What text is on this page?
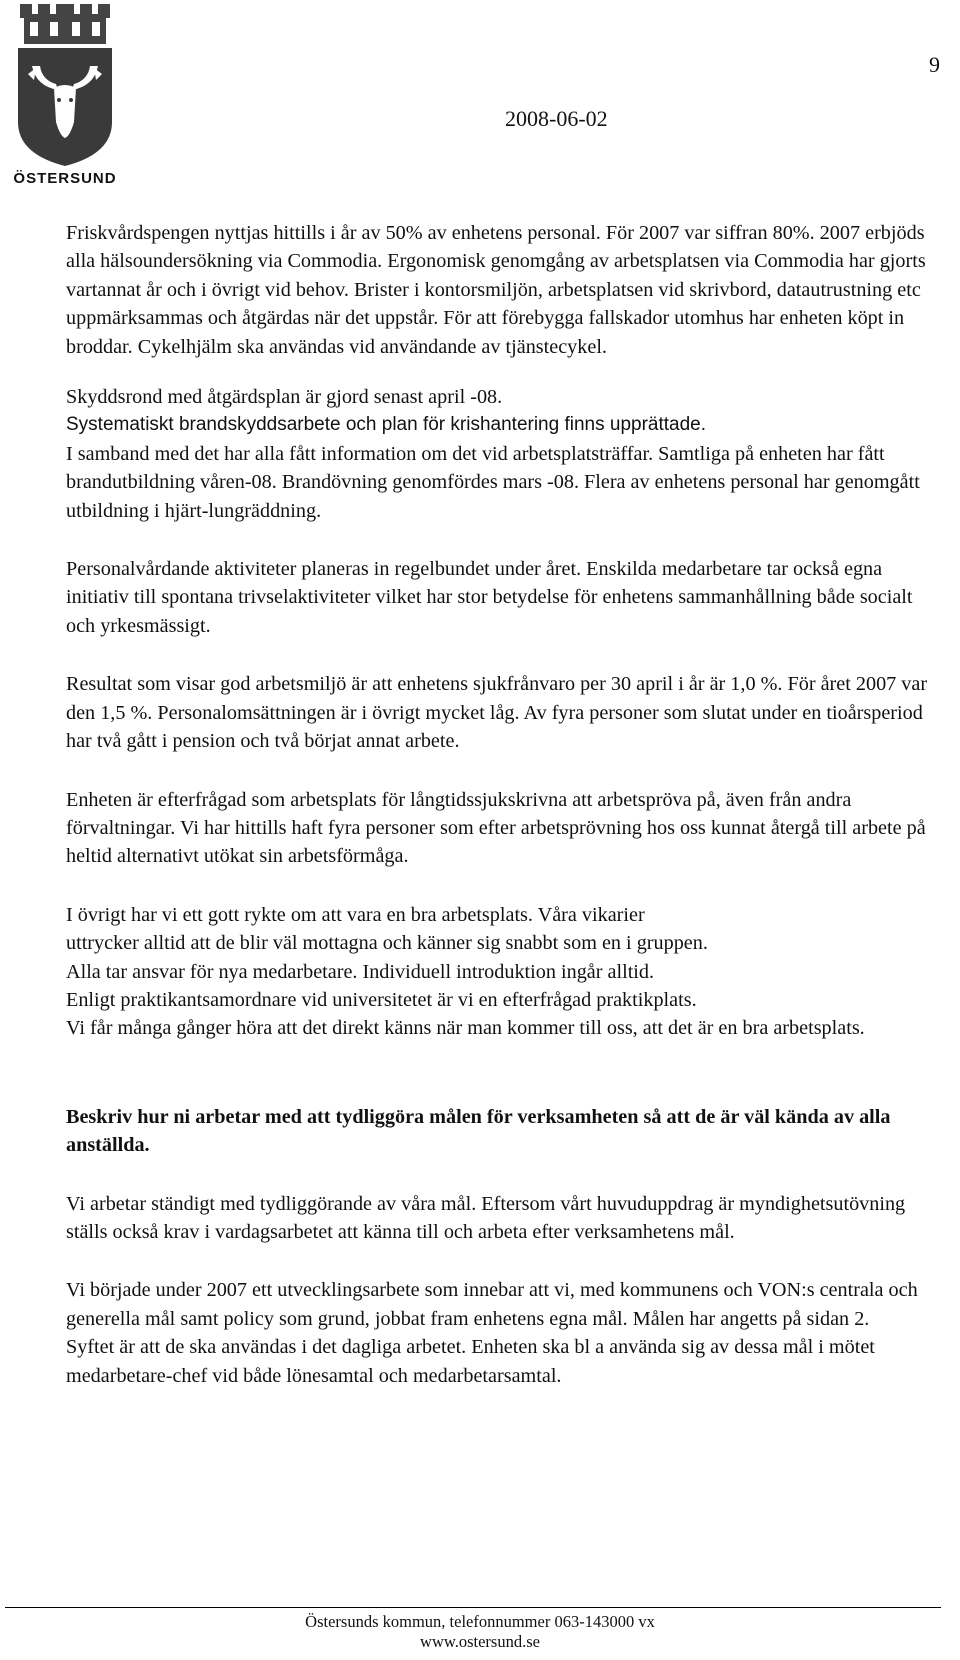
ÖSTERSUND
9
2008-06-02

Friskvårdspengen nyttjas hittills i år av 50% av enhetens personal. För 2007 var siffran 80%. 2007 erbjöds alla hälsoundersökning via Commodia. Ergonomisk genomgång av arbetsplatsen via Commodia har gjorts vartannat år och i övrigt vid behov. Brister i kontorsmiljön, arbetsplatsen vid skrivbord, datautrustning etc uppmärksammas och åtgärdas när det uppstår. För att förebygga fallskador utomhus har enheten köpt in broddar. Cykelhjälm ska användas vid användande av tjänstecykel.

Skyddsrond med åtgärdsplan är gjord senast april -08.

Systematiskt brandskyddsarbete och plan för krishantering finns upprättade.

I samband med det har alla fått information om det vid arbetsplatsträffar. Samtliga på enheten har fått brandutbildning våren-08. Brandövning genomfördes mars -08. Flera av enhetens personal har genomgått utbildning i hjärt-lungräddning.

Personalvårdande aktiviteter planeras in regelbundet under året. Enskilda medarbetare tar också egna initiativ till spontana trivselaktiviteter vilket har stor betydelse för enhetens sammanhållning både socialt och yrkesmässigt.

Resultat som visar god arbetsmiljö är att enhetens sjukfrånvaro per 30 april i år är 1,0 %. För året 2007 var den 1,5 %. Personalomsättningen är i övrigt mycket låg. Av fyra personer som slutat under en tioårsperiod har två gått i pension och två börjat annat arbete.

Enheten är efterfrågad som arbetsplats för långtidssjukskrivna att arbetspröva på, även från andra förvaltningar. Vi har hittills haft fyra personer som efter arbetsprövning hos oss kunnat återgå till arbete på heltid alternativt utökat sin arbetsförmåga.

I övrigt har vi ett gott rykte om att vara en bra arbetsplats. Våra vikarier

uttrycker alltid att de blir väl mottagna och känner sig snabbt som en i gruppen.

Alla tar ansvar för nya medarbetare. Individuell introduktion ingår alltid.

Enligt praktikantsamordnare vid universitetet är vi en efterfrågad praktikplats.

Vi får många gånger höra att det direkt känns när man kommer till oss, att det är en bra arbetsplats.

Beskriv hur ni arbetar med att tydliggöra målen för verksamheten så att de är väl kända av alla anställda.

Vi arbetar ständigt med tydliggörande av våra mål. Eftersom vårt huvuduppdrag är myndighetsutövning ställs också krav i vardagsarbetet att känna till och arbeta efter verksamhetens mål.

Vi började under 2007 ett utvecklingsarbete som innebar att vi, med kommunens och VON:s centrala och generella mål samt policy som grund, jobbat fram enhetens egna mål. Målen har angetts på sidan 2.

Syftet är att de ska användas i det dagliga arbetet. Enheten ska bl a använda sig av dessa mål i mötet medarbetare-chef vid både lönesamtal och medarbetarsamtal.

Östersunds kommun, telefonnummer 063-143000 vx
www.ostersund.se
